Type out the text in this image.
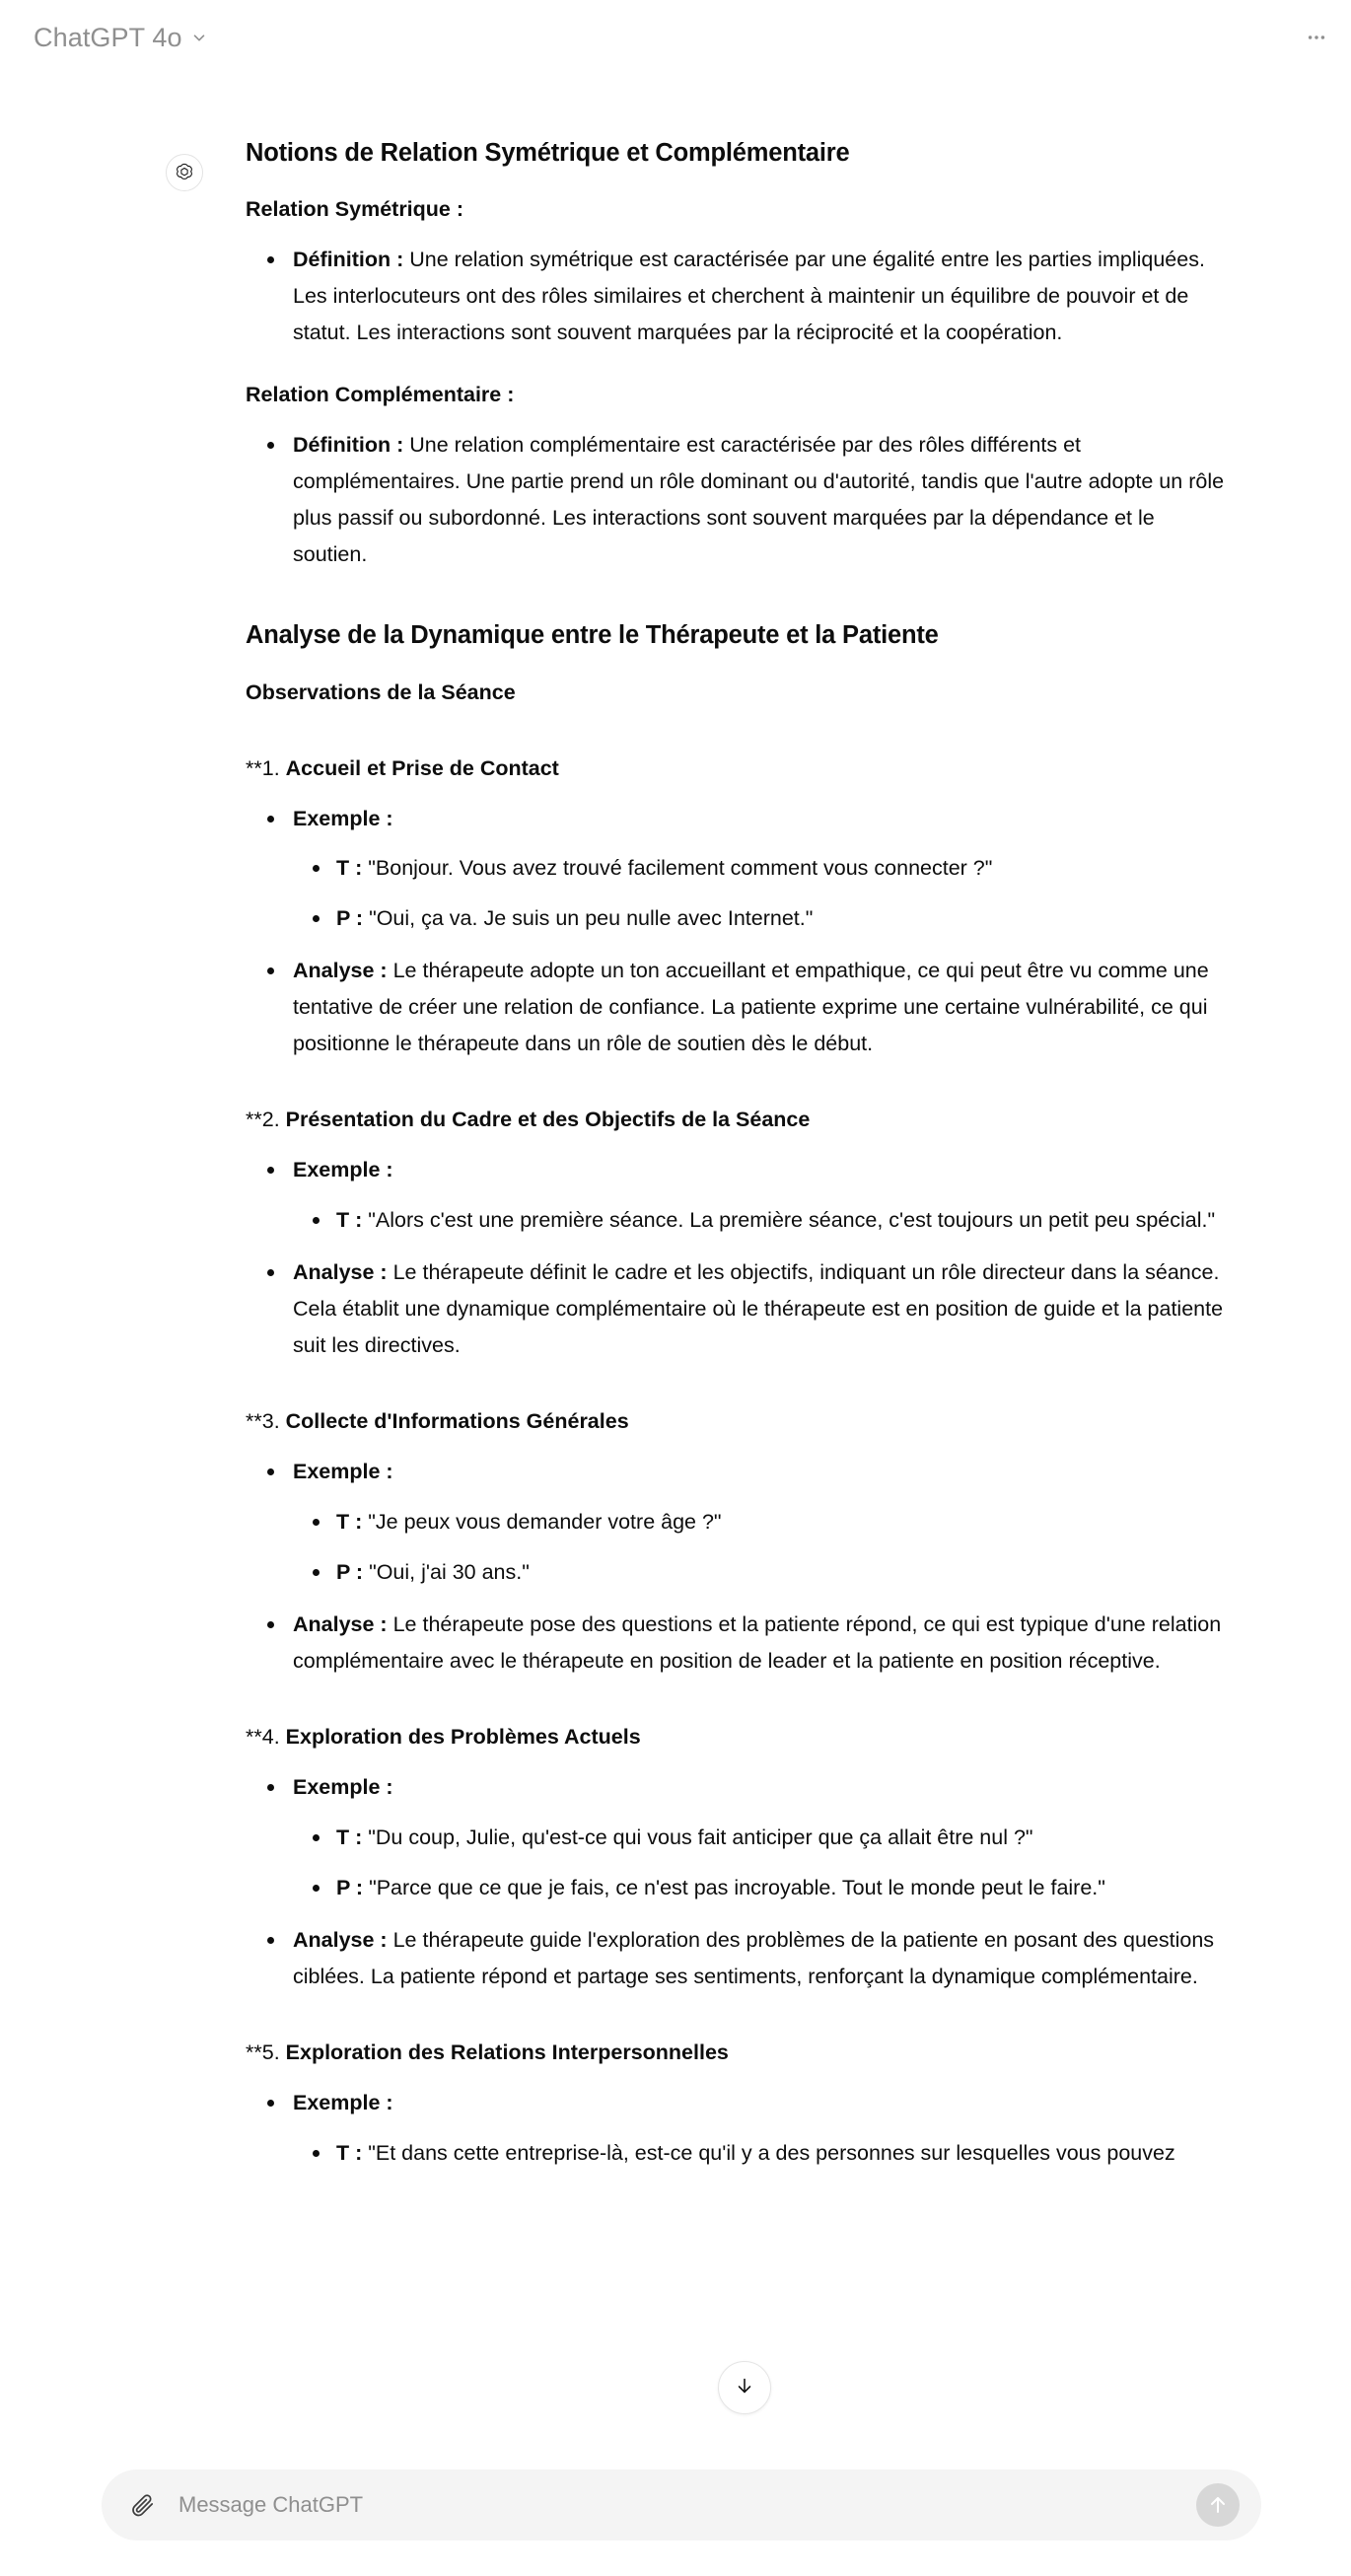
ChatGPT 4o
Notions de Relation Symétrique et Complémentaire
Relation Symétrique :
Définition : Une relation symétrique est caractérisée par une égalité entre les parties impliquées. Les interlocuteurs ont des rôles similaires et cherchent à maintenir un équilibre de pouvoir et de statut. Les interactions sont souvent marquées par la réciprocité et la coopération.
Relation Complémentaire :
Définition : Une relation complémentaire est caractérisée par des rôles différents et complémentaires. Une partie prend un rôle dominant ou d'autorité, tandis que l'autre adopte un rôle plus passif ou subordonné. Les interactions sont souvent marquées par la dépendance et le soutien.
Analyse de la Dynamique entre le Thérapeute et la Patiente
Observations de la Séance
**1. Accueil et Prise de Contact
Exemple :
T : "Bonjour. Vous avez trouvé facilement comment vous connecter ?"
P : "Oui, ça va. Je suis un peu nulle avec Internet."
Analyse : Le thérapeute adopte un ton accueillant et empathique, ce qui peut être vu comme une tentative de créer une relation de confiance. La patiente exprime une certaine vulnérabilité, ce qui positionne le thérapeute dans un rôle de soutien dès le début.
**2. Présentation du Cadre et des Objectifs de la Séance
Exemple :
T : "Alors c'est une première séance. La première séance, c'est toujours un petit peu spécial."
Analyse : Le thérapeute définit le cadre et les objectifs, indiquant un rôle directeur dans la séance. Cela établit une dynamique complémentaire où le thérapeute est en position de guide et la patiente suit les directives.
**3. Collecte d'Informations Générales
Exemple :
T : "Je peux vous demander votre âge ?"
P : "Oui, j'ai 30 ans."
Analyse : Le thérapeute pose des questions et la patiente répond, ce qui est typique d'une relation complémentaire avec le thérapeute en position de leader et la patiente en position réceptive.
**4. Exploration des Problèmes Actuels
Exemple :
T : "Du coup, Julie, qu'est-ce qui vous fait anticiper que ça allait être nul ?"
P : "Parce que ce que je fais, ce n'est pas incroyable. Tout le monde peut le faire."
Analyse : Le thérapeute guide l'exploration des problèmes de la patiente en posant des questions ciblées. La patiente répond et partage ses sentiments, renforçant la dynamique complémentaire.
**5. Exploration des Relations Interpersonnelles
Exemple :
T : "Et dans cette entreprise-là, est-ce qu'il y a des personnes sur lesquelles vous pouvez
Message ChatGPT
